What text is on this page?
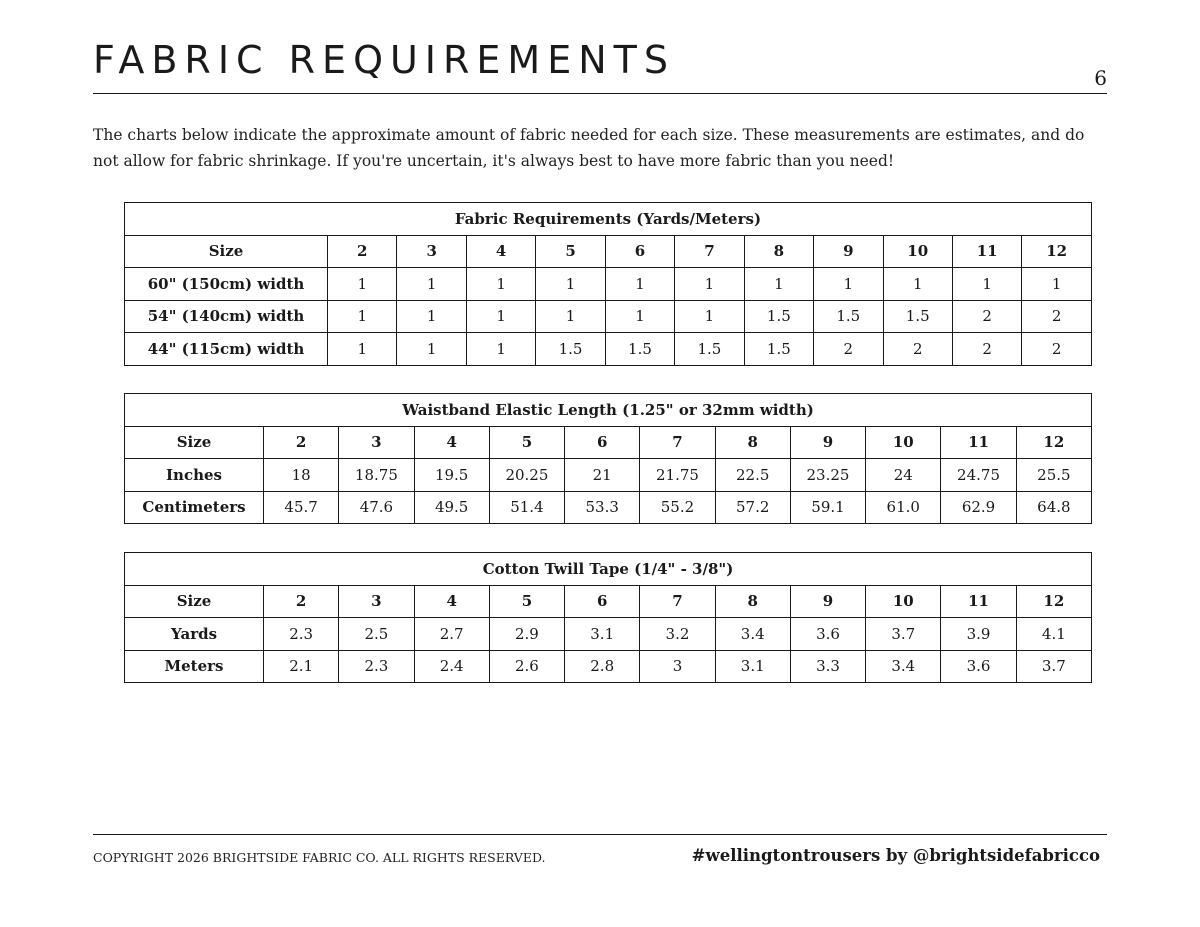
FABRIC REQUIREMENTS	6

The charts below indicate the approximate amount of fabric needed for each size. These measurements are estimates, and do not allow for fabric shrinkage. If you're uncertain, it's always best to have more fabric than you need!

Fabric Requirements (Yards/Meters)											
Size	2	3	4	5	6	7	8	9	10	11	12
60" (150cm) width	1	1	1	1	1	1	1	1	1	1	1
54" (140cm) width	1	1	1	1	1	1	1.5	1.5	1.5	2	2
44" (115cm) width	1	1	1	1.5	1.5	1.5	1.5	2	2	2	2
Waistband Elastic Length (1.25" or 32mm width)											
Size	2	3	4	5	6	7	8	9	10	11	12
Inches	18	18.75	19.5	20.25	21	21.75	22.5	23.25	24	24.75	25.5
Centimeters	45.7	47.6	49.5	51.4	53.3	55.2	57.2	59.1	61.0	62.9	64.8
Cotton Twill Tape (1/4" - 3/8")											
Size	2	3	4	5	6	7	8	9	10	11	12
Yards	2.3	2.5	2.7	2.9	3.1	3.2	3.4	3.6	3.7	3.9	4.1
Meters	2.1	2.3	2.4	2.6	2.8	3	3.1	3.3	3.4	3.6	3.7
COPYRIGHT 2026 BRIGHTSIDE FABRIC CO. ALL RIGHTS RESERVED.	#wellingtontrousers by @brightsidefabricco
